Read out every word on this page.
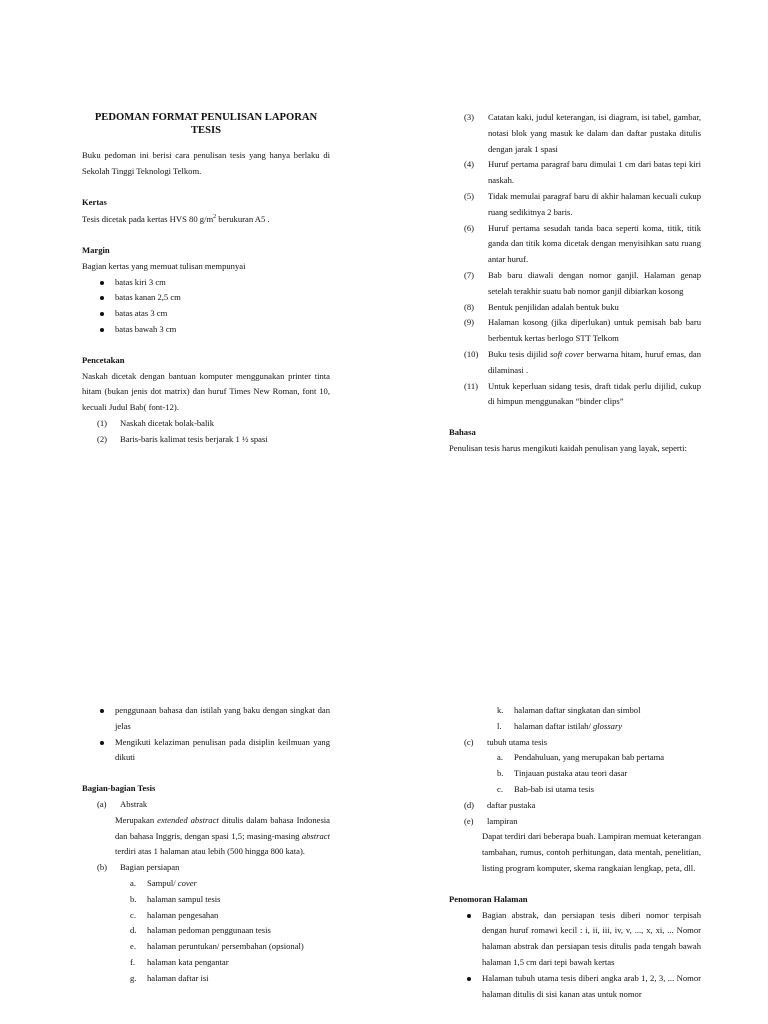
PEDOMAN FORMAT PENULISAN LAPORAN
TESIS

Buku pedoman ini berisi cara penulisan tesis yang hanya berlaku di Sekolah Tinggi Teknologi Telkom.

Kertas

Tesis dicetak pada kertas HVS 80 $g/m^2$ berukuran A5 .

Margin

Bagian kertas yang memuat tulisan mempunyai

batas kiri 3 cm
batas kanan 2,5 cm
batas atas 3 cm
batas bawah 3 cm

Pencetakan

Naskah dicetak dengan bantuan komputer menggunakan printer tinta hitam (bukan jenis dot matrix) dan huruf Times New Roman, font 10, kecuali Judul Bab( font-12).

(1) Naskah dicetak bolak-balik
(2) Baris-baris kalimat tesis berjarak 1 ½ spasi
(3) Catatan kaki, judul keterangan, isi diagram, isi tabel, gambar, notasi blok yang masuk ke dalam dan daftar pustaka ditulis dengan jarak 1 spasi
(4) Huruf pertama paragraf baru dimulai 1 cm dari batas tepi kiri naskah.
(5) Tidak memulai paragraf baru di akhir halaman kecuali cukup ruang sedikitnya 2 baris.
(6) Huruf pertama sesudah tanda baca seperti koma, titik, titik ganda dan titik koma dicetak dengan menyisihkan satu ruang antar huruf.
(7) Bab baru diawali dengan nomor ganjil. Halaman genap setelah terakhir suatu bab nomor ganjil dibiarkan kosong
(8) Bentuk penjilidan adalah bentuk buku
(9) Halaman kosong (jika diperlukan) untuk pemisah bab baru berbentuk kertas berlogo STT Telkom
(10) Buku tesis dijilid soft cover berwarna hitam, huruf emas, dan dilaminasi .
(11) Untuk keperluan sidang tesis, draft tidak perlu dijilid, cukup di himpun menggunakan “binder clips”

Bahasa

Penulisan tesis harus mengikuti kaidah penulisan yang layak, seperti:

penggunaan bahasa dan istilah yang baku dengan singkat dan jelas
Mengikuti kelaziman penulisan pada disiplin keilmuan yang dikuti

Bagian-bagian Tesis

(a) Abstrak

Merupakan extended abstract ditulis dalam bahasa Indonesia dan bahasa Inggris, dengan spasi 1,5; masing-masing abstract terdiri atas 1 halaman atau lebih (500 hingga 800 kata).

(b) Bagian persiapan
a. Sampul/ cover
b. halaman sampul tesis
c. halaman pengesahan
d. halaman pedoman penggunaan tesis
e. halaman peruntukan/ persembahan (opsional)
f. halaman kata pengantar
g. halaman daftar isi
k. halaman daftar singkatan dan simbol
l. halaman daftar istilah/ glossary
(c) tubuh utama tesis
a. Pendahuluan, yang merupakan bab pertama
b. Tinjauan pustaka atau teori dasar
c. Bab-bab isi utama tesis
(d) daftar pustaka
(e) lampiran

Dapat terdiri dari beberapa buah. Lampiran memuat keterangan tambahan, rumus, contoh perhitungan, data mentah, penelitian, listing program komputer, skema rangkaian lengkap, peta, dll.

Penomoran Halaman

Bagian abstrak, dan persiapan tesis diberi nomor terpisah dengan huruf romawi kecil : i, ii, iii, iv, v, ..., x, xi, ... Nomor halaman abstrak dan persiapan tesis ditulis pada tengah bawah halaman 1,5 cm dari tepi bawah kertas
Halaman tubuh utama tesis diberi angka arab 1, 2, 3, ... Nomor halaman ditulis di sisi kanan atas untuk nomor
